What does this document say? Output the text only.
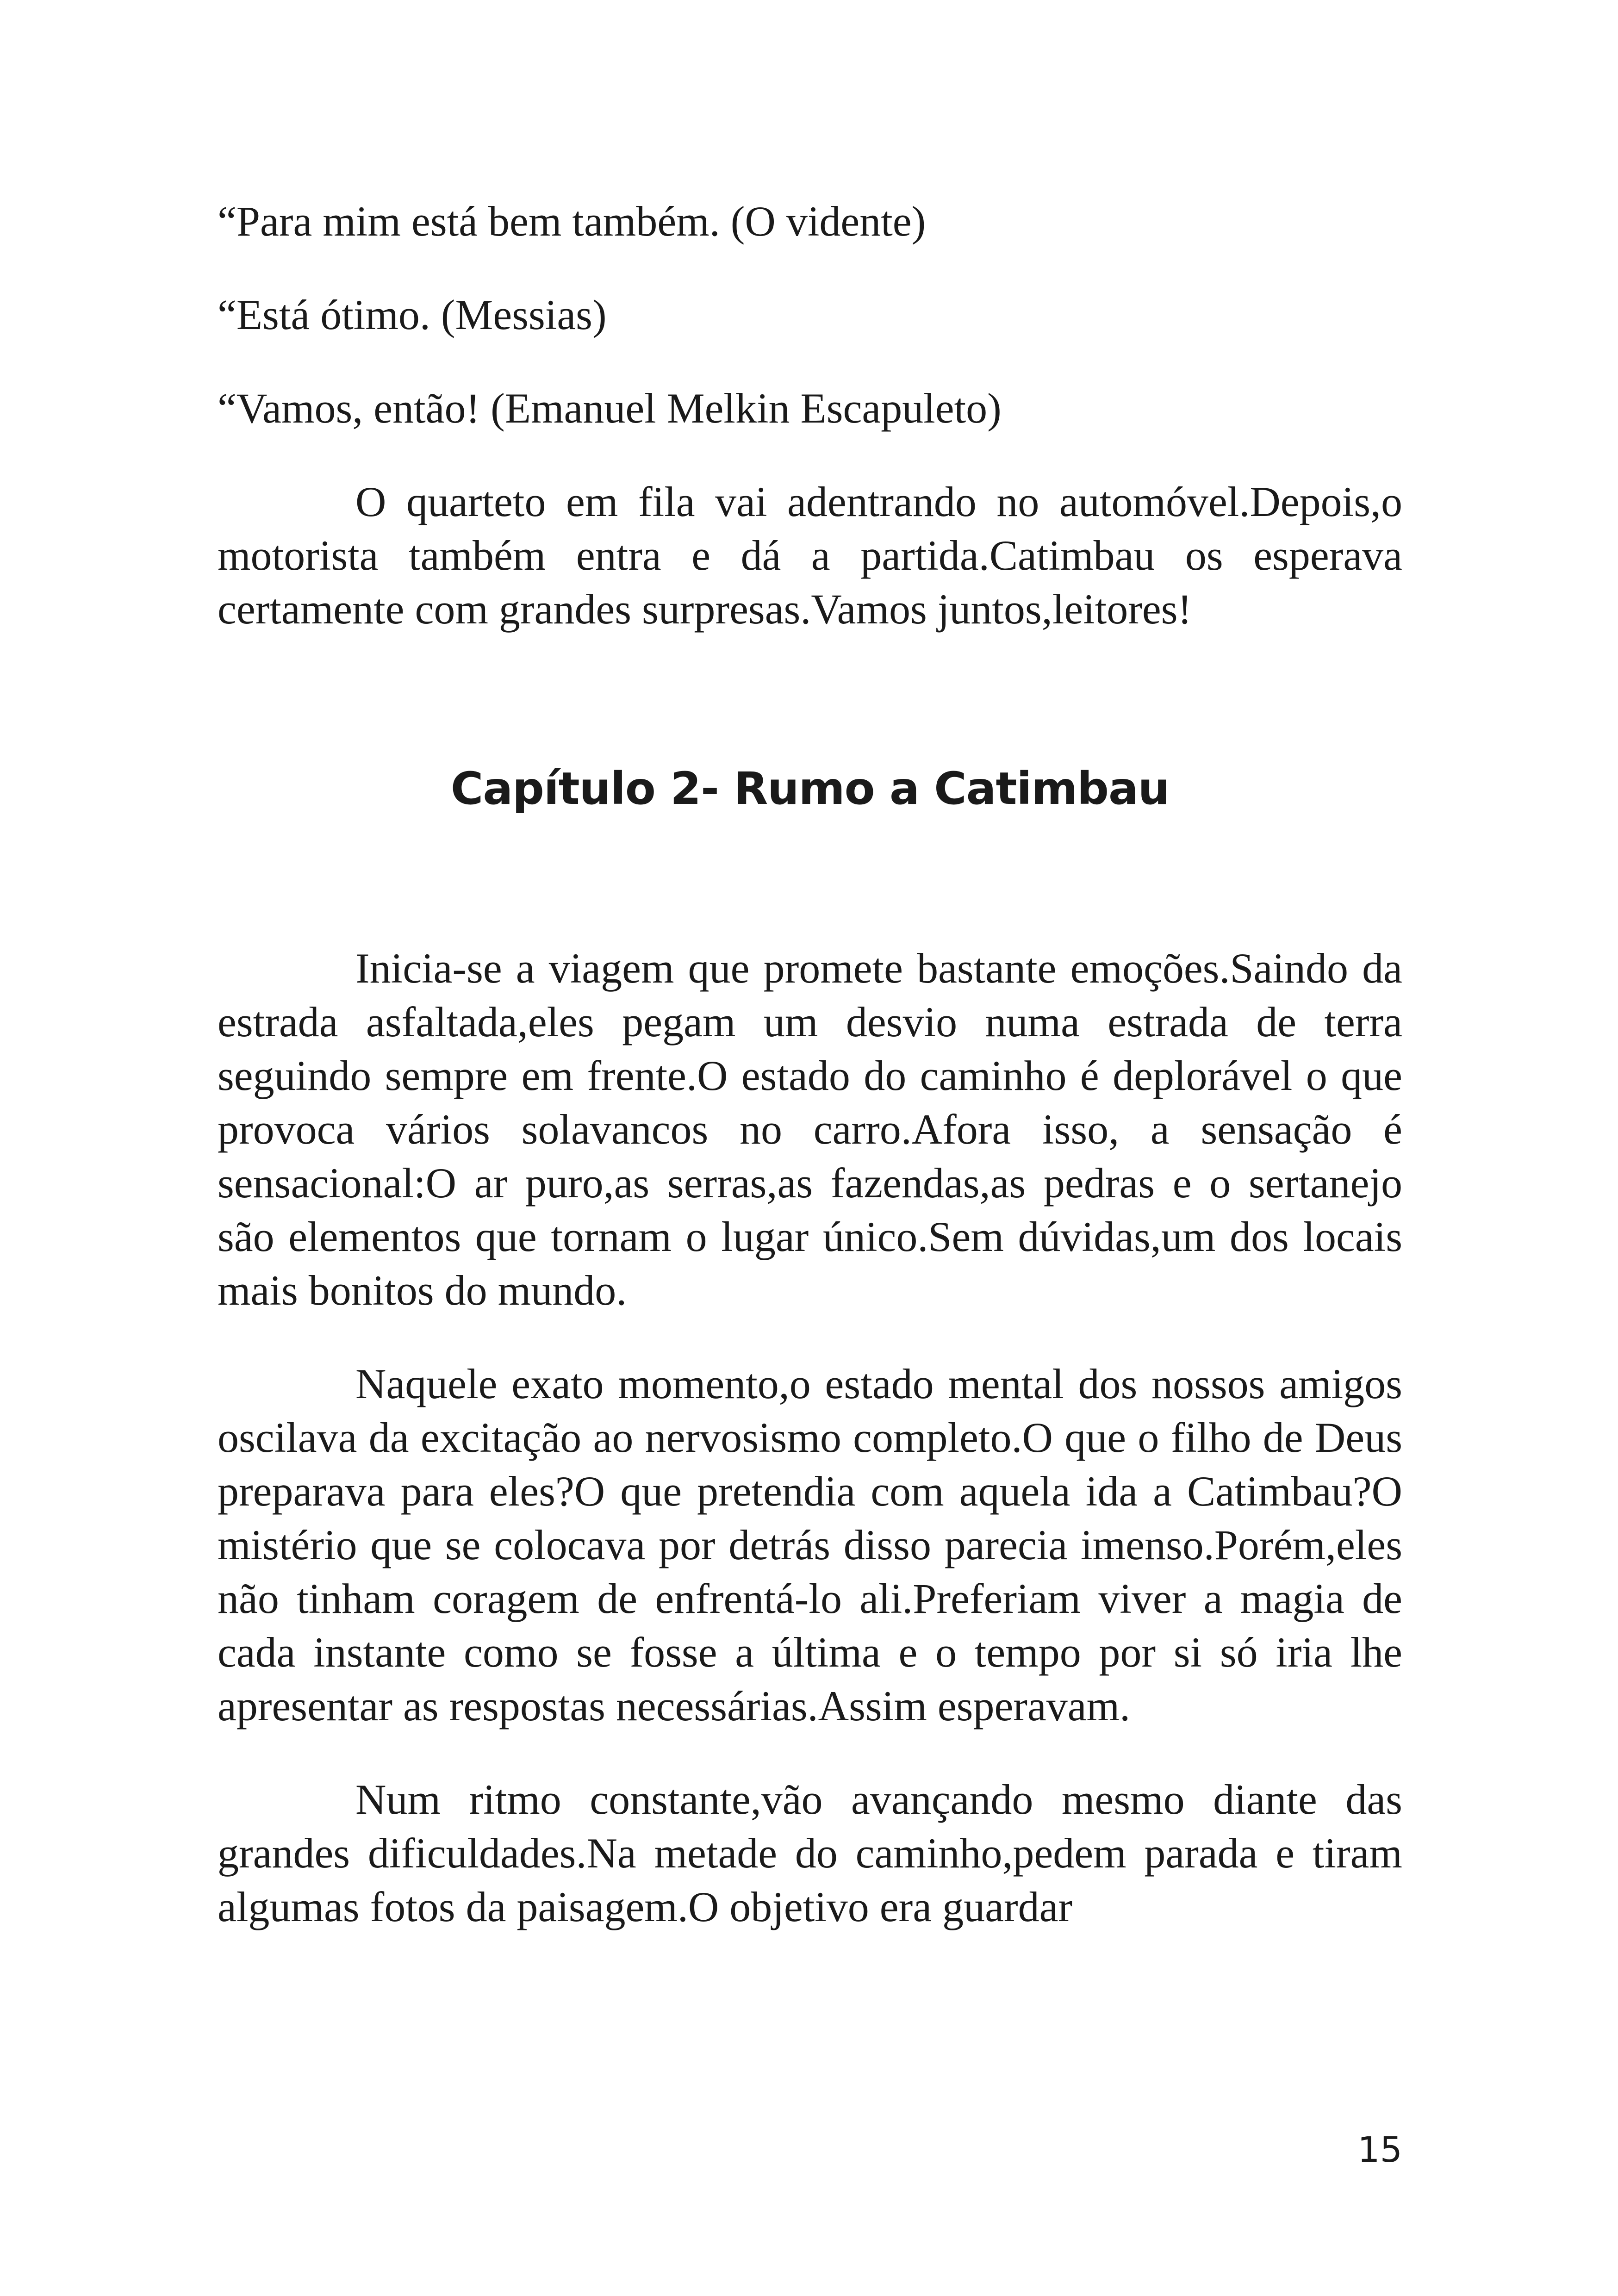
“Para mim está bem também. (O vidente)

“Está ótimo. (Messias)

“Vamos, então! (Emanuel Melkin Escapuleto)

O quarteto em fila vai adentrando no automóvel.Depois,o motorista também entra e dá a partida.Catimbau os esperava certamente com grandes surpresas.Vamos juntos,leitores!

Capítulo 2- Rumo a Catimbau

Inicia-se a viagem que promete bastante emoções.Saindo da estrada asfaltada,eles pegam um desvio numa estrada de terra seguindo sempre em frente.O estado do caminho é deplorável o que provoca vários solavancos no carro.Afora isso, a sensação é sensacional:O ar puro,as serras,as fazendas,as pedras e o sertanejo são elementos que tornam o lugar único.Sem dúvidas,um dos locais mais bonitos do mundo.

Naquele exato momento,o estado mental dos nossos amigos oscilava da excitação ao nervosismo completo.O que o filho de Deus preparava para eles?O que pretendia com aquela ida a Catimbau?O mistério que se colocava por detrás disso parecia imenso.Porém,eles não tinham coragem de enfrentá-lo ali.Preferiam viver a magia de cada instante como se fosse a última e o tempo por si só iria lhe apresentar as respostas necessárias.Assim esperavam.

Num ritmo constante,vão avançando mesmo diante das grandes dificuldades.Na metade do caminho,pedem parada e tiram algumas fotos da paisagem.O objetivo era guardar

15
